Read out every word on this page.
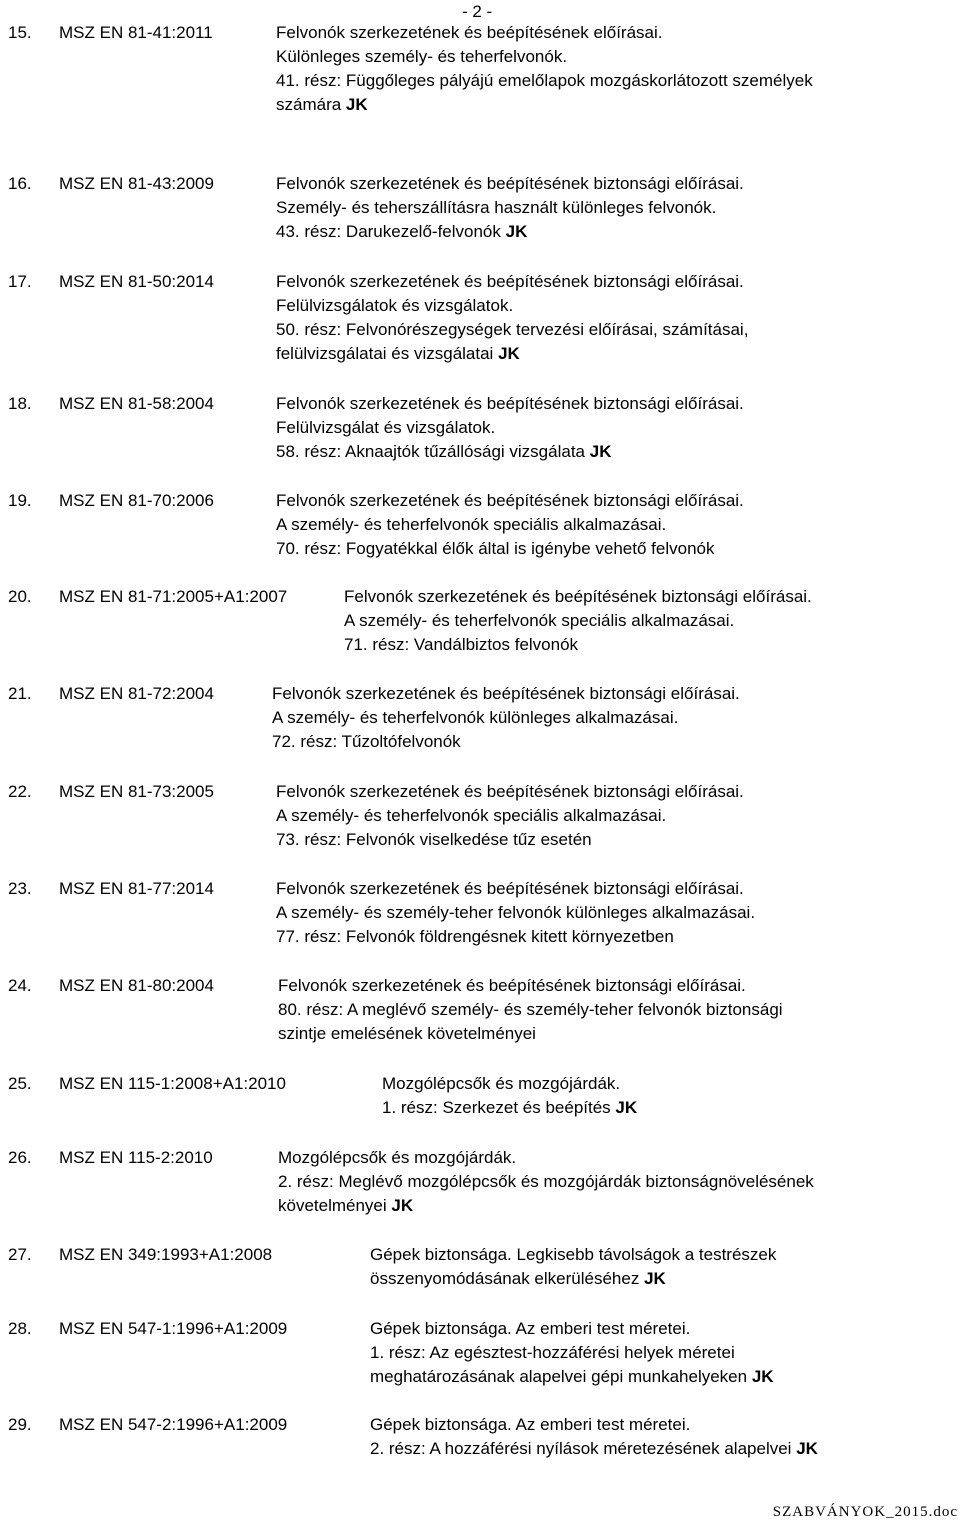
- 2 -
15. MSZ EN 81-41:2011	Felvonók szerkezetének és beépítésének előírásai.
Különleges személy- és teherfelvonók.
41. rész: Függőleges pályájú emelőlapok mozgáskorlátozott személyek
számára JK
16. MSZ EN 81-43:2009	Felvonók szerkezetének és beépítésének biztonsági előírásai.
Személy- és teherszállításra használt különleges felvonók.
43. rész: Darukezelő-felvonók JK
17. MSZ EN 81-50:2014	Felvonók szerkezetének és beépítésének biztonsági előírásai.
Felülvizsgálatok és vizsgálatok.
50. rész: Felvonórészegységek tervezési előírásai, számításai,
felülvizsgálatai és vizsgálatai JK
18. MSZ EN 81-58:2004	Felvonók szerkezetének és beépítésének biztonsági előírásai.
Felülvizsgálat és vizsgálatok.
58. rész: Aknaajtók tűzállósági vizsgálata JK
19. MSZ EN 81-70:2006	Felvonók szerkezetének és beépítésének biztonsági előírásai.
A személy- és teherfelvonók speciális alkalmazásai.
70. rész: Fogyatékkal élők által is igénybe vehető felvonók
20. MSZ EN 81-71:2005+A1:2007	Felvonók szerkezetének és beépítésének biztonsági előírásai.
A személy- és teherfelvonók speciális alkalmazásai.
71. rész: Vandálbiztos felvonók
21. MSZ EN 81-72:2004	Felvonók szerkezetének és beépítésének biztonsági előírásai.
A személy- és teherfelvonók különleges alkalmazásai.
72. rész: Tűzoltófelvonók
22. MSZ EN 81-73:2005	Felvonók szerkezetének és beépítésének biztonsági előírásai.
A személy- és teherfelvonók speciális alkalmazásai.
73. rész: Felvonók viselkedése tűz esetén
23. MSZ EN 81-77:2014	Felvonók szerkezetének és beépítésének biztonsági előírásai.
A személy- és személy-teher felvonók különleges alkalmazásai.
77. rész: Felvonók földrengésnek kitett környezetben
24. MSZ EN 81-80:2004	Felvonók szerkezetének és beépítésének biztonsági előírásai.
80. rész: A meglévő személy- és személy-teher felvonók biztonsági
szintje emelésének követelményei
25. MSZ EN 115-1:2008+A1:2010	Mozgólépcsők és mozgójárdák.
1. rész: Szerkezet és beépítés JK
26. MSZ EN 115-2:2010	Mozgólépcsők és mozgójárdák.
2. rész: Meglévő mozgólépcsők és mozgójárdák biztonságnövelésének
követelményei JK
27. MSZ EN 349:1993+A1:2008	Gépek biztonsága. Legkisebb távolságok a testrészek
összenyomódásának elkerüléséhez JK
28. MSZ EN 547-1:1996+A1:2009	Gépek biztonsága. Az emberi test méretei.
1. rész: Az egésztest-hozzáférési helyek méretei
meghatározásának alapelvei gépi munkahelyeken JK
29. MSZ EN 547-2:1996+A1:2009	Gépek biztonsága. Az emberi test méretei.
2. rész: A hozzáférési nyílások méretezésének alapelvei JK
SZABVÁNYOK_2015.doc
